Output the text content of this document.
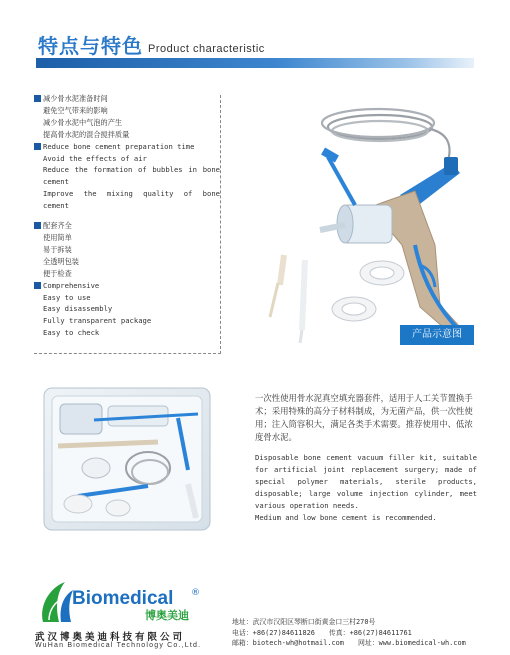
特点与特色 Product characteristic
减少骨水泥准备时间
避免空气带来的影响
减少骨水泥中气泡的产生
提高骨水泥的混合搅拌质量
Reduce bone cement preparation time
Avoid the effects of air
Reduce the formation of bubbles in bone cement
Improve the mixing quality of bone cement
配套齐全
使用简单
易于拆装
全透明包装
便于检查
Comprehensive
Easy to use
Easy disassembly
Fully transparent package
Easy to check	产品示意图
一次性使用骨水泥真空填充器套件，适用于人工关节置换手术；采用特殊的高分子材料制成，为无菌产品，供一次性使用；注入筒容积大，满足各类手术需要。推荐使用中、低浓度骨水泥。
Disposable bone cement vacuum filler kit, suitable for artificial joint replacement surgery; made of special polymer materials, sterile products, disposable; large volume injection cylinder, meet various operation needs.
Medium and low bone cement is recommended.
Biomedical ®
博奥美迪
武汉博奥美迪科技有限公司
WuHan Biomedical Technology Co.,Ltd.
地址：武汉市汉阳区琴断口街黄金口三村270号
电话：+86(27)84611826 传真：+86(27)84611761
邮箱：biotech-wh@hotmail.com 网址：www.biomedical-wh.com
